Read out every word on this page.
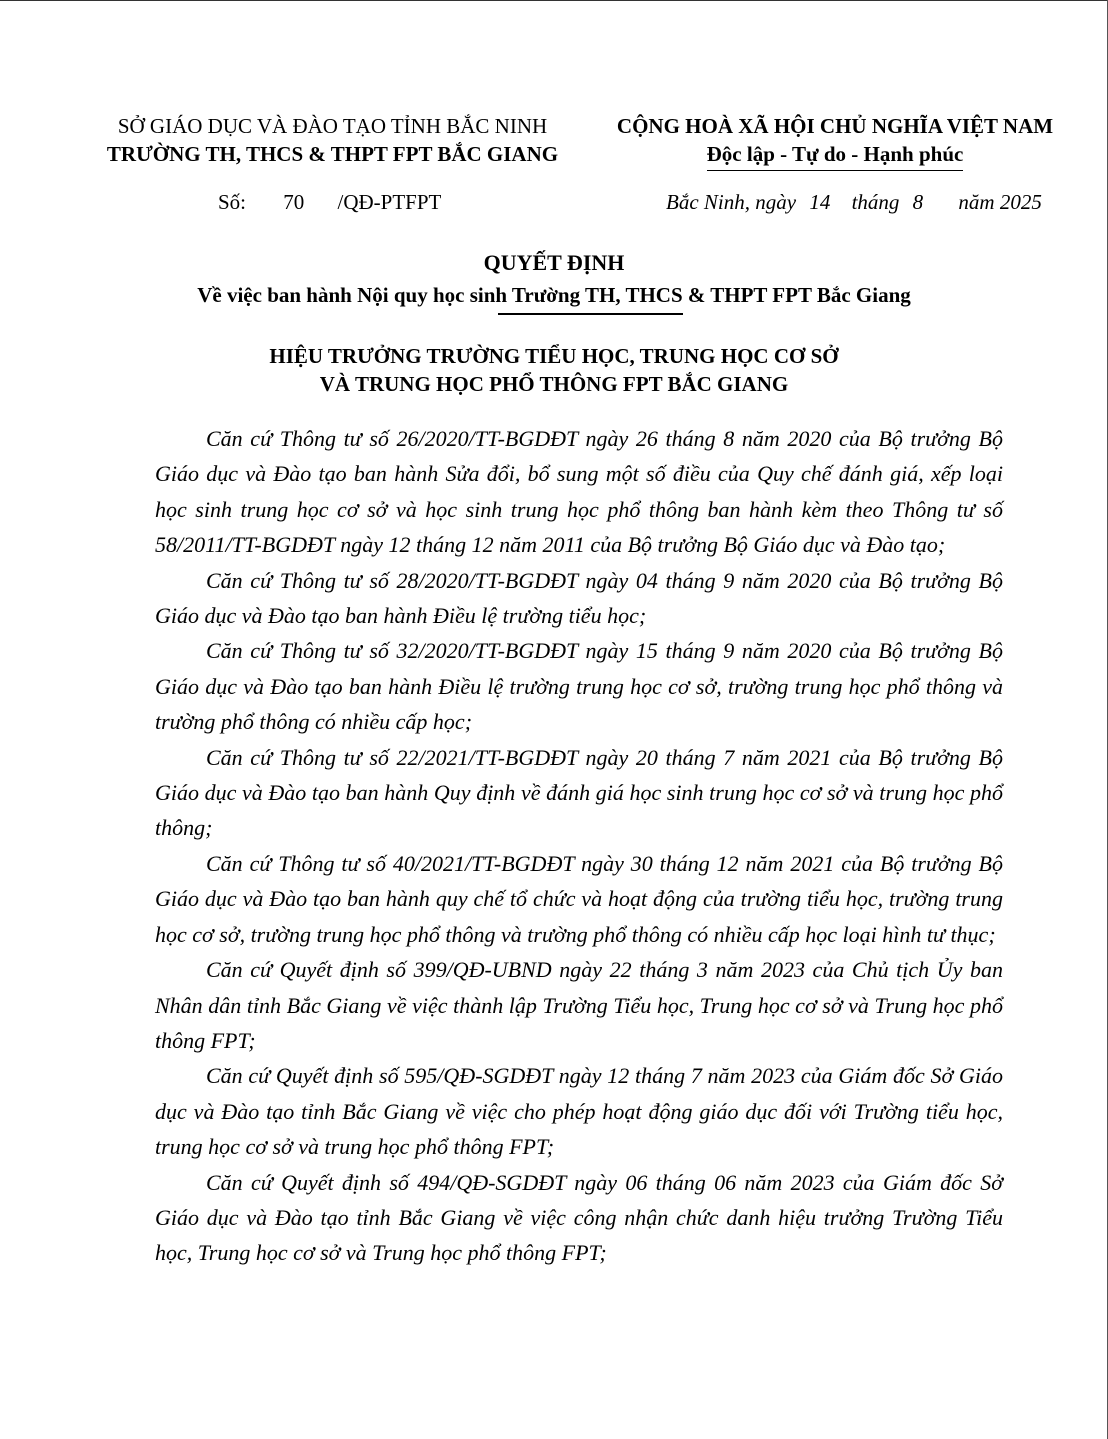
SỞ GIÁO DỤC VÀ ĐÀO TẠO TỈNH BẮC NINH
TRƯỜNG TH, THCS & THPT FPT BẮC GIANG
CỘNG HOÀ XÃ HỘI CHỦ NGHĨA VIỆT NAM
Độc lập - Tự do - Hạnh phúc
Số: 70 /QĐ-PTFPT	Bắc Ninh, ngày 14 tháng 8 năm 2025
QUYẾT ĐỊNH
Về việc ban hành Nội quy học sinh Trường TH, THCS & THPT FPT Bắc Giang
HIỆU TRƯỞNG TRƯỜNG TIỂU HỌC, TRUNG HỌC CƠ SỞ
VÀ TRUNG HỌC PHỔ THÔNG FPT BẮC GIANG

Căn cứ Thông tư số 26/2020/TT-BGDĐT ngày 26 tháng 8 năm 2020 của Bộ trưởng Bộ Giáo dục và Đào tạo ban hành Sửa đổi, bổ sung một số điều của Quy chế đánh giá, xếp loại học sinh trung học cơ sở và học sinh trung học phổ thông ban hành kèm theo Thông tư số 58/2011/TT-BGDĐT ngày 12 tháng 12 năm 2011 của Bộ trưởng Bộ Giáo dục và Đào tạo;

Căn cứ Thông tư số 28/2020/TT-BGDĐT ngày 04 tháng 9 năm 2020 của Bộ trưởng Bộ Giáo dục và Đào tạo ban hành Điều lệ trường tiểu học;

Căn cứ Thông tư số 32/2020/TT-BGDĐT ngày 15 tháng 9 năm 2020 của Bộ trưởng Bộ Giáo dục và Đào tạo ban hành Điều lệ trường trung học cơ sở, trường trung học phổ thông và trường phổ thông có nhiều cấp học;

Căn cứ Thông tư số 22/2021/TT-BGDĐT ngày 20 tháng 7 năm 2021 của Bộ trưởng Bộ Giáo dục và Đào tạo ban hành Quy định về đánh giá học sinh trung học cơ sở và trung học phổ thông;

Căn cứ Thông tư số 40/2021/TT-BGDĐT ngày 30 tháng 12 năm 2021 của Bộ trưởng Bộ Giáo dục và Đào tạo ban hành quy chế tổ chức và hoạt động của trường tiểu học, trường trung học cơ sở, trường trung học phổ thông và trường phổ thông có nhiều cấp học loại hình tư thục;

Căn cứ Quyết định số 399/QĐ-UBND ngày 22 tháng 3 năm 2023 của Chủ tịch Ủy ban Nhân dân tỉnh Bắc Giang về việc thành lập Trường Tiểu học, Trung học cơ sở và Trung học phổ thông FPT;

Căn cứ Quyết định số 595/QĐ-SGDĐT ngày 12 tháng 7 năm 2023 của Giám đốc Sở Giáo dục và Đào tạo tỉnh Bắc Giang về việc cho phép hoạt động giáo dục đối với Trường tiểu học, trung học cơ sở và trung học phổ thông FPT;

Căn cứ Quyết định số 494/QĐ-SGDĐT ngày 06 tháng 06 năm 2023 của Giám đốc Sở Giáo dục và Đào tạo tỉnh Bắc Giang về việc công nhận chức danh hiệu trưởng Trường Tiểu học, Trung học cơ sở và Trung học phổ thông FPT;
